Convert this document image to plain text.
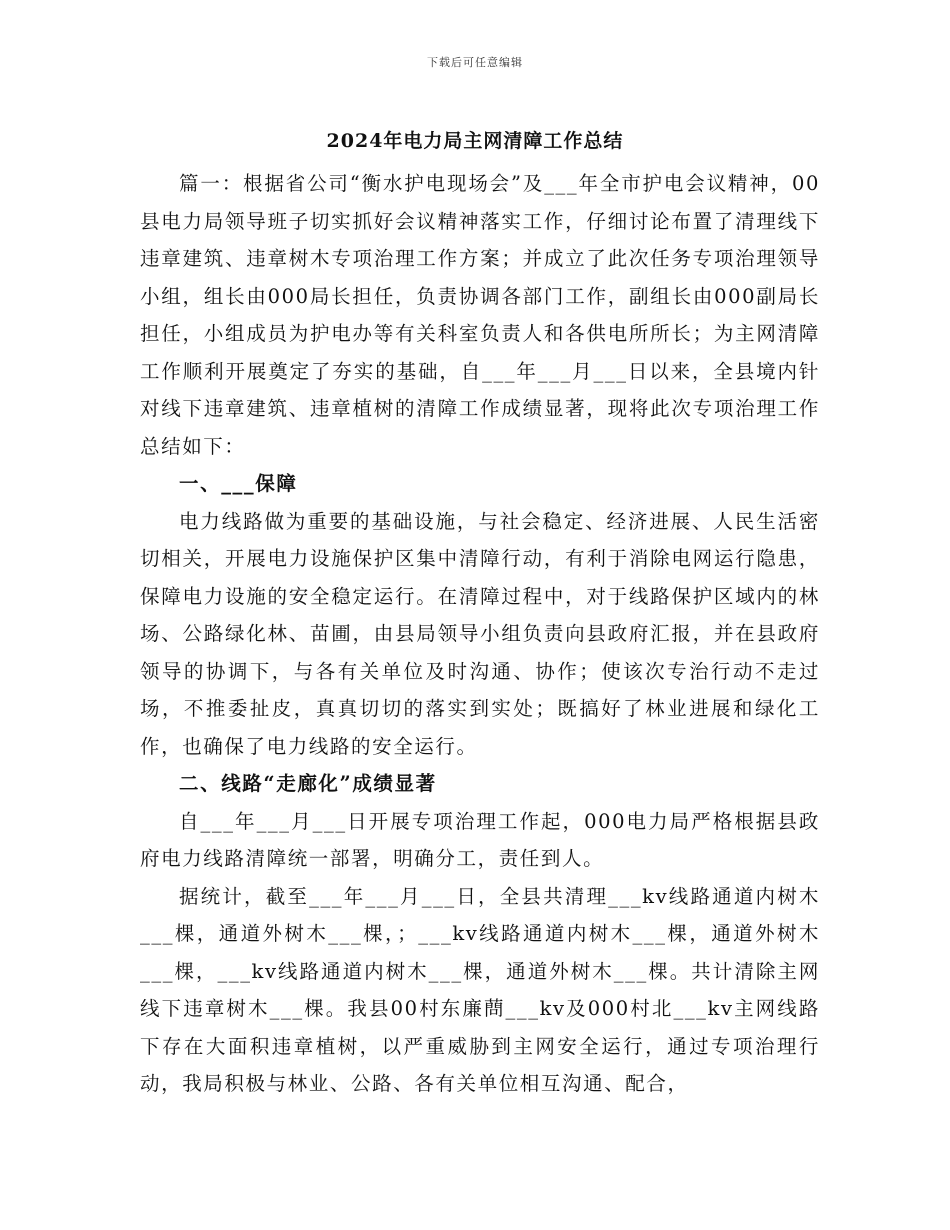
下载后可任意编辑
2024年电力局主网清障工作总结

篇一：根据省公司“衡水护电现场会”及___年全市护电会议精神，00县电力局领导班子切实抓好会议精神落实工作，仔细讨论布置了清理线下违章建筑、违章树木专项治理工作方案；并成立了此次任务专项治理领导小组，组长由000局长担任，负责协调各部门工作，副组长由000副局长担任，小组成员为护电办等有关科室负责人和各供电所所长；为主网清障工作顺利开展奠定了夯实的基础，自___年___月___日以来，全县境内针对线下违章建筑、违章植树的清障工作成绩显著，现将此次专项治理工作总结如下：

一、___保障

电力线路做为重要的基础设施，与社会稳定、经济进展、人民生活密切相关，开展电力设施保护区集中清障行动，有利于消除电网运行隐患，保障电力设施的安全稳定运行。在清障过程中，对于线路保护区域内的林场、公路绿化林、苗圃，由县局领导小组负责向县政府汇报，并在县政府领导的协调下，与各有关单位及时沟通、协作；使该次专治行动不走过场，不推委扯皮，真真切切的落实到实处；既搞好了林业进展和绿化工作，也确保了电力线路的安全运行。

二、线路“走廊化”成绩显著

自___年___月___日开展专项治理工作起，000电力局严格根据县政府电力线路清障统一部署，明确分工，责任到人。

据统计，截至___年___月___日，全县共清理___kv线路通道内树木___棵，通道外树木___棵，；___kv线路通道内树木___棵，通道外树木___棵，___kv线路通道内树木___棵，通道外树木___棵。共计清除主网线下违章树木___棵。我县00村东廉蔄___kv及000村北___kv主网线路下存在大面积违章植树，以严重威胁到主网安全运行，通过专项治理行动，我局积极与林业、公路、各有关单位相互沟通、配合，
